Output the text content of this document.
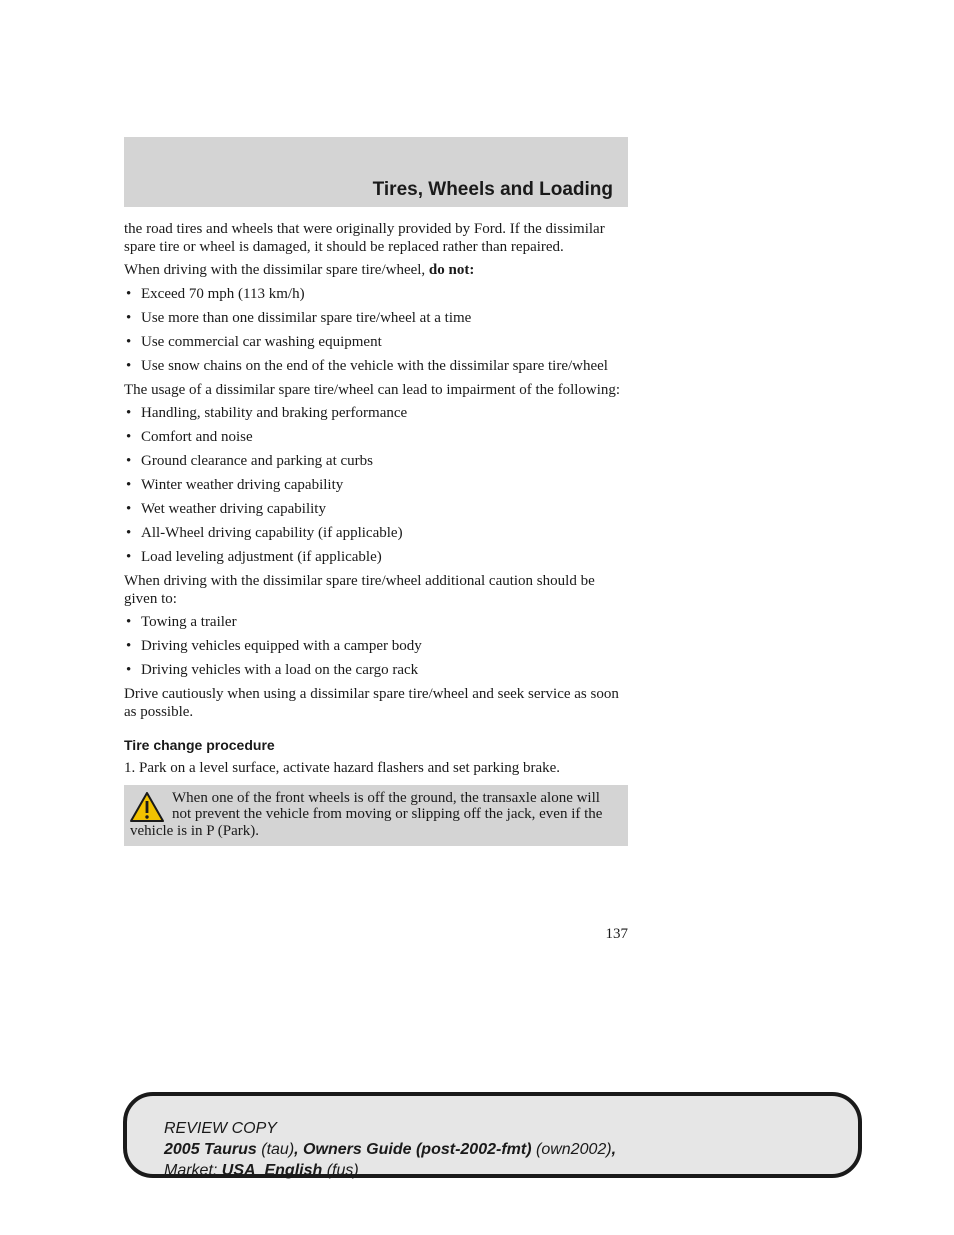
Tires, Wheels and Loading

the road tires and wheels that were originally provided by Ford. If the dissimilar spare tire or wheel is damaged, it should be replaced rather than repaired.

When driving with the dissimilar spare tire/wheel, do not:

• Exceed 70 mph (113 km/h)
• Use more than one dissimilar spare tire/wheel at a time
• Use commercial car washing equipment
• Use snow chains on the end of the vehicle with the dissimilar spare tire/wheel

The usage of a dissimilar spare tire/wheel can lead to impairment of the following:

• Handling, stability and braking performance
• Comfort and noise
• Ground clearance and parking at curbs
• Winter weather driving capability
• Wet weather driving capability
• All-Wheel driving capability (if applicable)
• Load leveling adjustment (if applicable)

When driving with the dissimilar spare tire/wheel additional caution should be given to:

• Towing a trailer
• Driving vehicles equipped with a camper body
• Driving vehicles with a load on the cargo rack

Drive cautiously when using a dissimilar spare tire/wheel and seek service as soon as possible.

Tire change procedure

1. Park on a level surface, activate hazard flashers and set parking brake.

When one of the front wheels is off the ground, the transaxle alone will not prevent the vehicle from moving or slipping off the jack, even if the vehicle is in P (Park).
137
REVIEW COPY
2005 Taurus (tau), Owners Guide (post-2002-fmt) (own2002),
Market: USA_English (fus)
